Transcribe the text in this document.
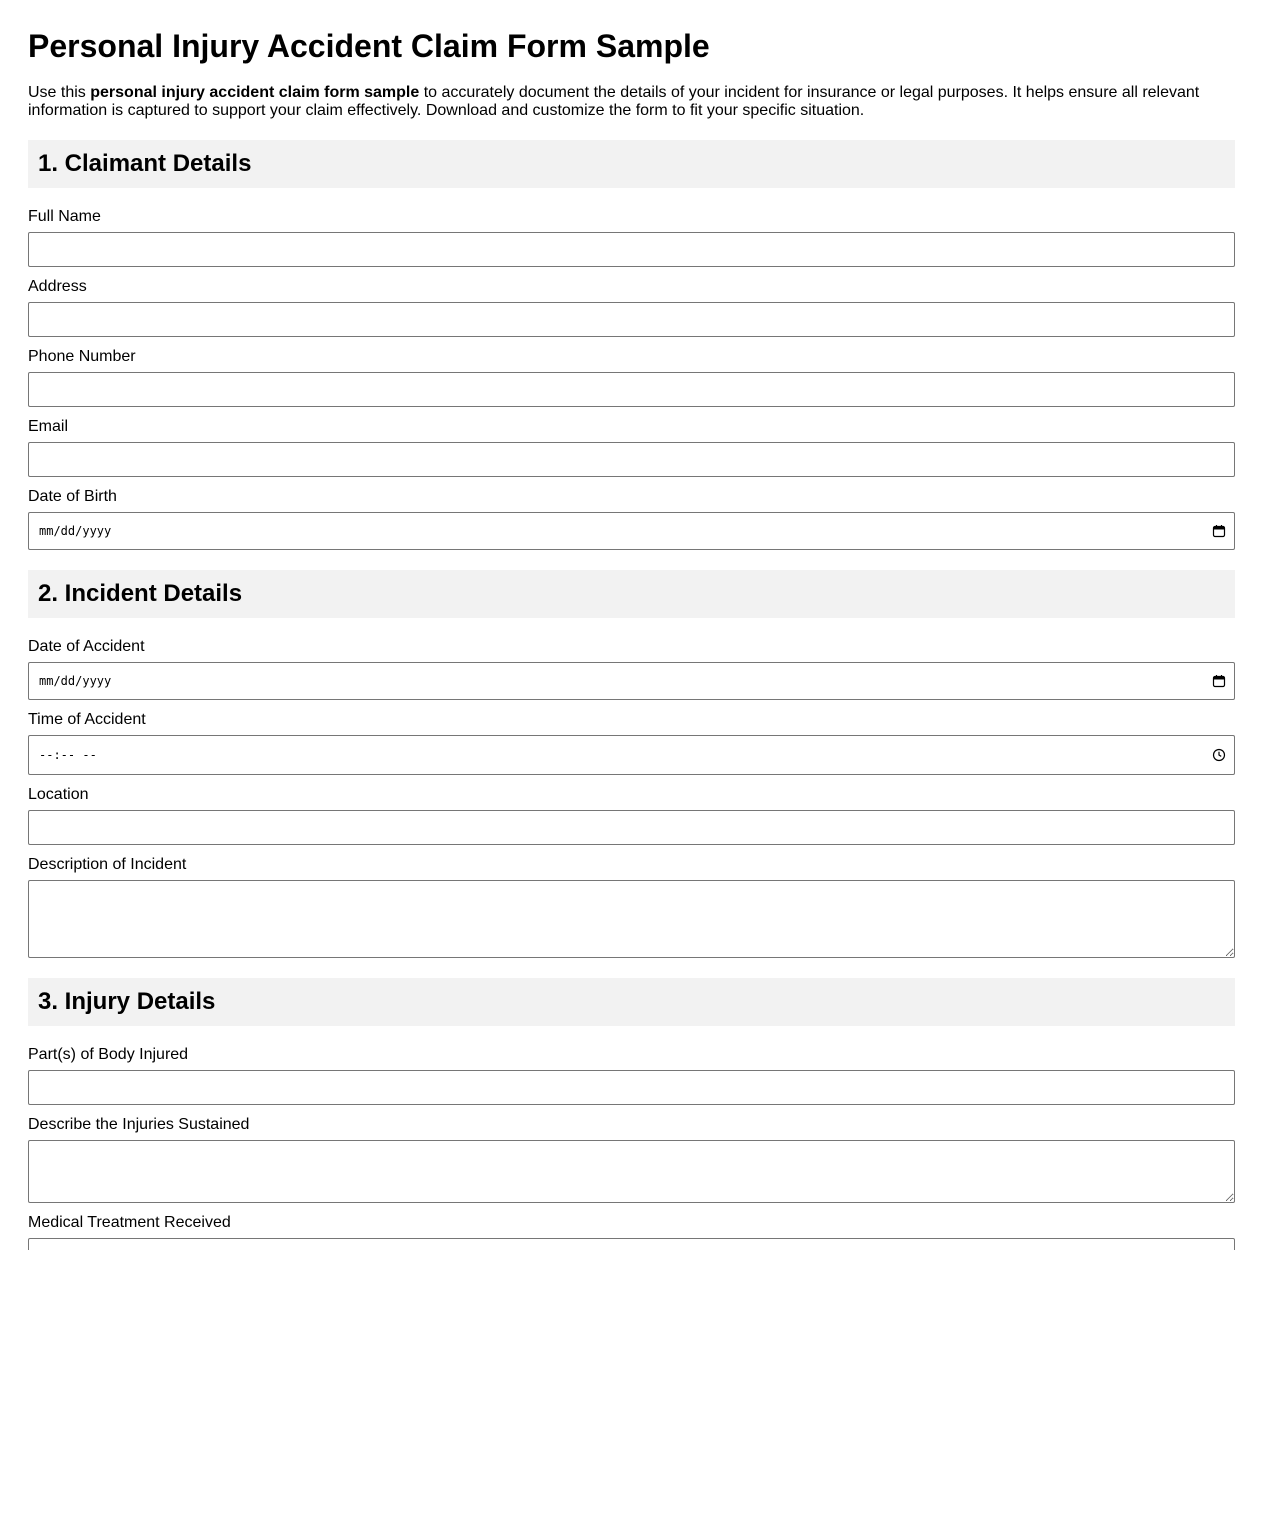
Personal Injury Accident Claim Form Sample

Use this personal injury accident claim form sample to accurately document the details of your incident for insurance or legal purposes. It helps ensure all relevant information is captured to support your claim effectively. Download and customize the form to fit your specific situation.

1. Claimant Details
Full Name
Address
Phone Number
Email
Date of Birth
mm/dd/yyyy
2. Incident Details
Date of Accident
mm/dd/yyyy
Time of Accident
--:-- --
Location
Description of Incident
3. Injury Details
Part(s) of Body Injured
Describe the Injuries Sustained
Medical Treatment Received
